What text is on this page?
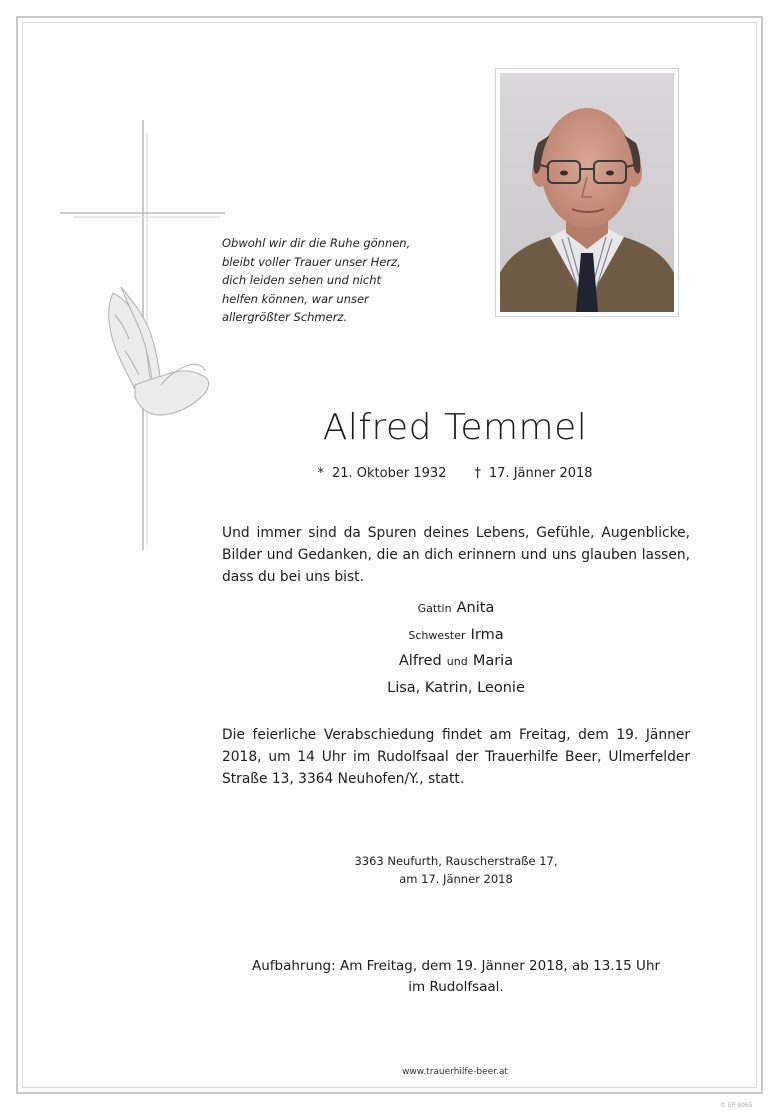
Obwohl wir dir die Ruhe gönnen,
bleibt voller Trauer unser Herz,
dich leiden sehen und nicht
helfen können, war unser
allergrößter Schmerz.
Alfred Temmel
* 21. Oktober 1932 † 17. Jänner 2018
Und immer sind da Spuren deines Lebens, Gefühle, Augenblicke, Bilder und Gedanken, die an dich erinnern und uns glauben lassen, dass du bei uns bist.
Gattin Anita
Schwester Irma
Alfred und Maria
Lisa, Katrin, Leonie
Die feierliche Verabschiedung findet am Freitag, dem 19. Jänner 2018, um 14 Uhr im Rudolfsaal der Trauerhilfe Beer, Ulmerfelder Straße 13, 3364 Neuhofen/Y., statt.
3363 Neufurth, Rauscherstraße 17,
am 17. Jänner 2018
Aufbahrung: Am Freitag, dem 19. Jänner 2018, ab 13.15 Uhr
im Rudolfsaal.
www.trauerhilfe-beer.at
© EP 9065
